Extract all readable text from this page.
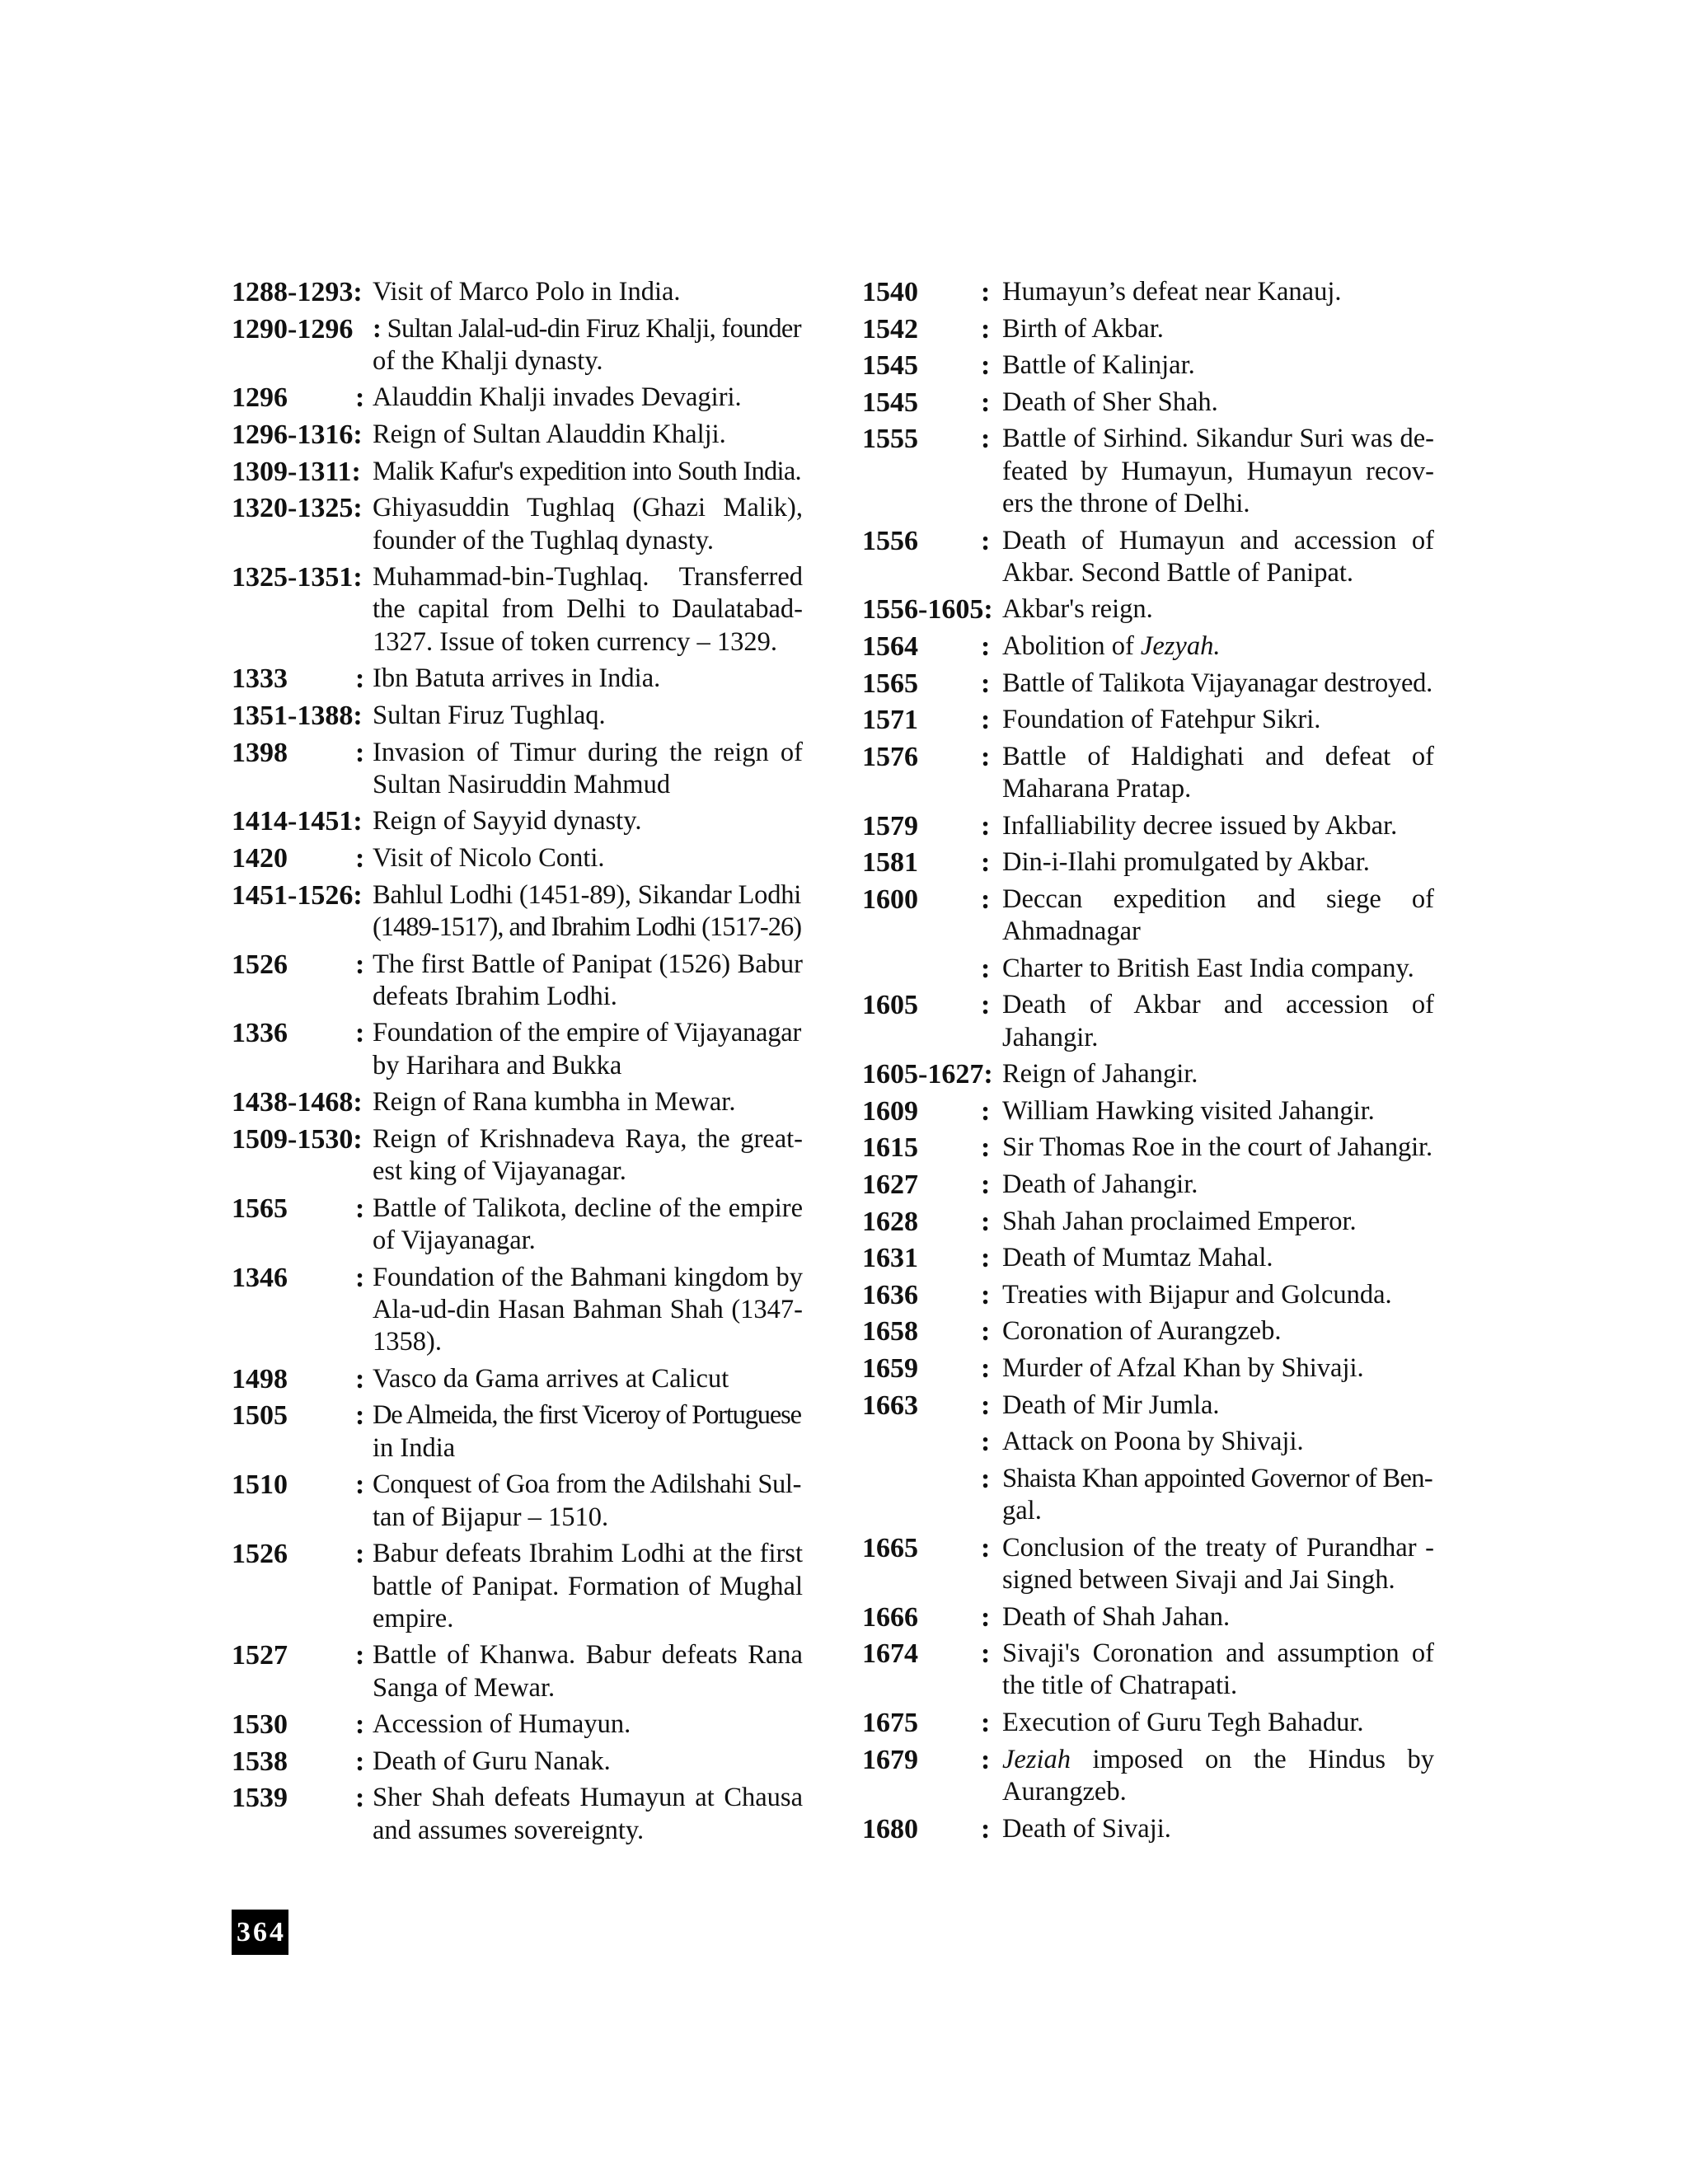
1288-1293: Visit of Marco Polo in India.
1290-1296 : Sultan Jalal-ud-din Firuz Khalji, founder
of the Khalji dynasty.
1296 : Alauddin Khalji invades Devagiri.
1296-1316: Reign of Sultan Alauddin Khalji.
1309-1311: Malik Kafur's expedition into South India.
1320-1325: Ghiyasuddin Tughlaq (Ghazi Malik),
founder of the Tughlaq dynasty.
1325-1351: Muhammad-bin-Tughlaq. Transferred
the capital from Delhi to Daulatabad-
1327. Issue of token currency – 1329.
1333 : Ibn Batuta arrives in India.
1351-1388: Sultan Firuz Tughlaq.
1398 : Invasion of Timur during the reign of
Sultan Nasiruddin Mahmud
1414-1451: Reign of Sayyid dynasty.
1420 : Visit of Nicolo Conti.
1451-1526: Bahlul Lodhi (1451-89), Sikandar Lodhi
(1489-1517), and Ibrahim Lodhi (1517-26)
1526 : The first Battle of Panipat (1526) Babur
defeats Ibrahim Lodhi.
1336 : Foundation of the empire of Vijayanagar
by Harihara and Bukka
1438-1468: Reign of Rana kumbha in Mewar.
1509-1530: Reign of Krishnadeva Raya, the great-
est king of Vijayanagar.
1565 : Battle of Talikota, decline of the empire
of Vijayanagar.
1346 : Foundation of the Bahmani kingdom by
Ala-ud-din Hasan Bahman Shah (1347-
1358).
1498 : Vasco da Gama arrives at Calicut
1505 : De Almeida, the first Viceroy of Portuguese
in India
1510 : Conquest of Goa from the Adilshahi Sul-
tan of Bijapur – 1510.
1526 : Babur defeats Ibrahim Lodhi at the first
battle of Panipat. Formation of Mughal
empire.
1527 : Battle of Khanwa. Babur defeats Rana
Sanga of Mewar.
1530 : Accession of Humayun.
1538 : Death of Guru Nanak.
1539 : Sher Shah defeats Humayun at Chausa
and assumes sovereignty.
1540 : Humayun’s defeat near Kanauj.
1542 : Birth of Akbar.
1545 : Battle of Kalinjar.
1545 : Death of Sher Shah.
1555 : Battle of Sirhind. Sikandur Suri was de-
feated by Humayun, Humayun recov-
ers the throne of Delhi.
1556 : Death of Humayun and accession of
Akbar. Second Battle of Panipat.
1556-1605: Akbar's reign.
1564 : Abolition of Jezyah.
1565 : Battle of Talikota Vijayanagar destroyed.
1571 : Foundation of Fatehpur Sikri.
1576 : Battle of Haldighati and defeat of
Maharana Pratap.
1579 : Infalliability decree issued by Akbar.
1581 : Din-i-Ilahi promulgated by Akbar.
1600 : Deccan expedition and siege of
Ahmadnagar
: Charter to British East India company.
1605 : Death of Akbar and accession of
Jahangir.
1605-1627: Reign of Jahangir.
1609 : William Hawking visited Jahangir.
1615 : Sir Thomas Roe in the court of Jahangir.
1627 : Death of Jahangir.
1628 : Shah Jahan proclaimed Emperor.
1631 : Death of Mumtaz Mahal.
1636 : Treaties with Bijapur and Golcunda.
1658 : Coronation of Aurangzeb.
1659 : Murder of Afzal Khan by Shivaji.
1663 : Death of Mir Jumla.
: Attack on Poona by Shivaji.
: Shaista Khan appointed Governor of Ben-
gal.
1665 : Conclusion of the treaty of Purandhar -
signed between Sivaji and Jai Singh.
1666 : Death of Shah Jahan.
1674 : Sivaji's Coronation and assumption of
the title of Chatrapati.
1675 : Execution of Guru Tegh Bahadur.
1679 : Jeziah imposed on the Hindus by
Aurangzeb.
1680 : Death of Sivaji.
364
